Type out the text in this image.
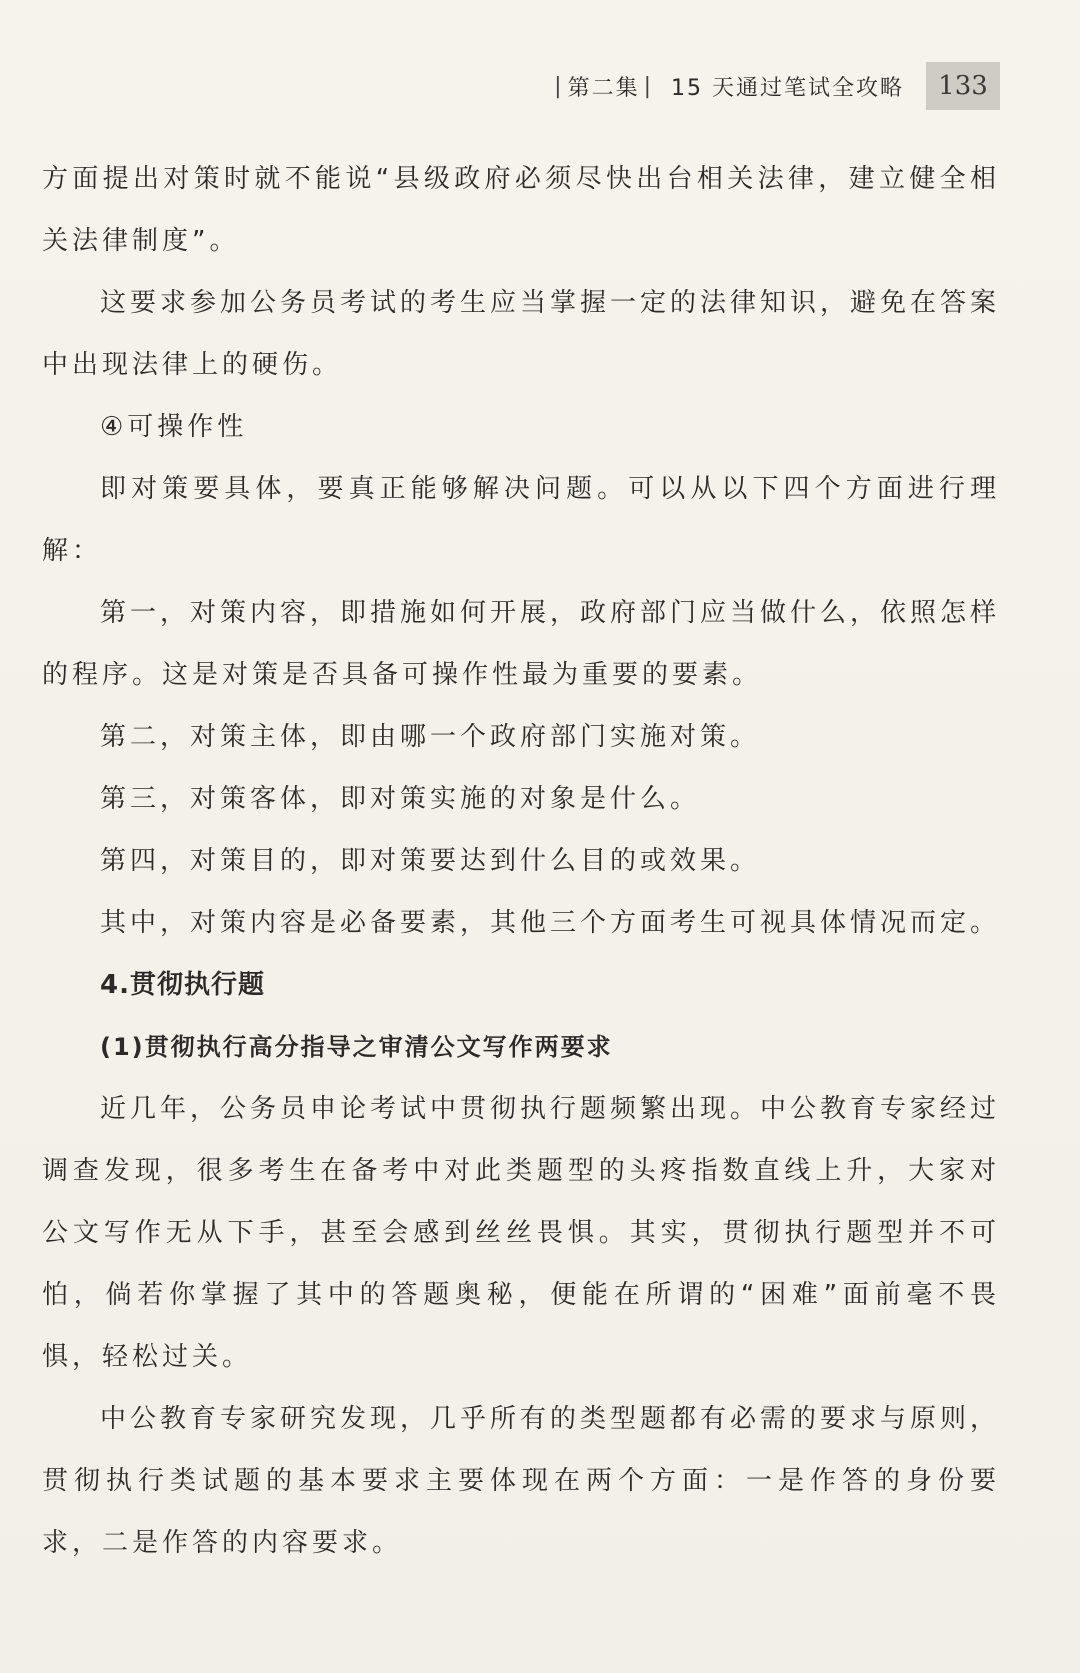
| 第二集 | 15 天通过笔试全攻略	133

方面提出对策时就不能说“县级政府必须尽快出台相关法律，建立健全相关法律制度”。

这要求参加公务员考试的考生应当掌握一定的法律知识，避免在答案中出现法律上的硬伤。

④可操作性

即对策要具体，要真正能够解决问题。可以从以下四个方面进行理解：

第一，对策内容，即措施如何开展，政府部门应当做什么，依照怎样的程序。这是对策是否具备可操作性最为重要的要素。

第二，对策主体，即由哪一个政府部门实施对策。

第三，对策客体，即对策实施的对象是什么。

第四，对策目的，即对策要达到什么目的或效果。

其中，对策内容是必备要素，其他三个方面考生可视具体情况而定。

4.贯彻执行题

(1)贯彻执行高分指导之审清公文写作两要求

近几年，公务员申论考试中贯彻执行题频繁出现。中公教育专家经过调查发现，很多考生在备考中对此类题型的头疼指数直线上升，大家对公文写作无从下手，甚至会感到丝丝畏惧。其实，贯彻执行题型并不可怕，倘若你掌握了其中的答题奥秘，便能在所谓的“困难”面前毫不畏惧，轻松过关。

中公教育专家研究发现，几乎所有的类型题都有必需的要求与原则，贯彻执行类试题的基本要求主要体现在两个方面：一是作答的身份要求，二是作答的内容要求。
